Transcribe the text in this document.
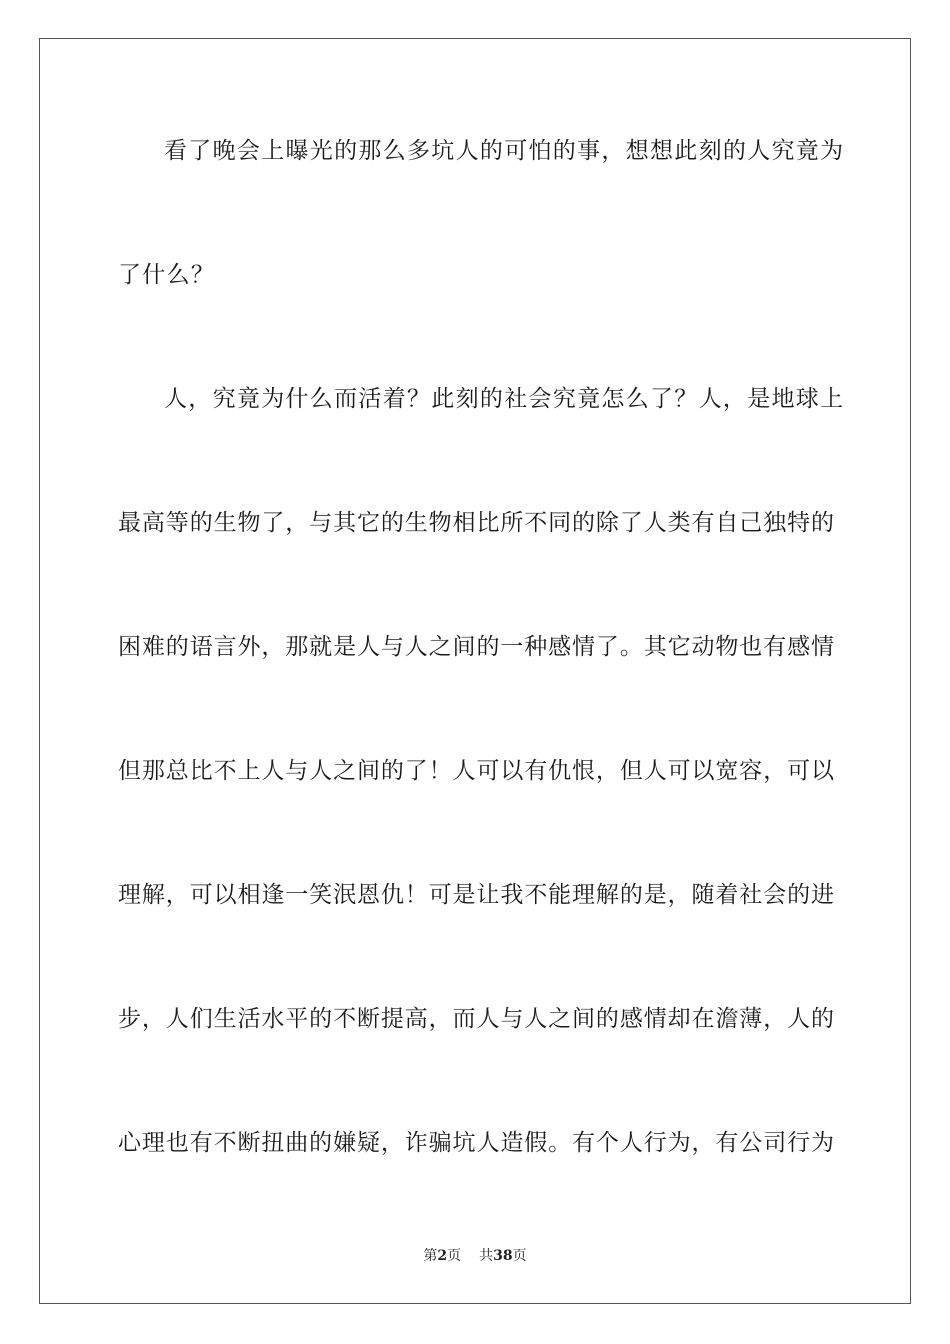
看了晚会上曝光的那么多坑人的可怕的事，想想此刻的人究竟为
了什么？
人，究竟为什么而活着？此刻的社会究竟怎么了？人，是地球上
最高等的生物了，与其它的生物相比所不同的除了人类有自己独特的
困难的语言外，那就是人与人之间的一种感情了。其它动物也有感情
但那总比不上人与人之间的了！人可以有仇恨，但人可以宽容，可以
理解，可以相逢一笑泯恩仇！可是让我不能理解的是，随着社会的进
步，人们生活水平的不断提高，而人与人之间的感情却在澹薄，人的
心理也有不断扭曲的嫌疑，诈骗坑人造假。有个人行为，有公司行为
第2页 共38页
